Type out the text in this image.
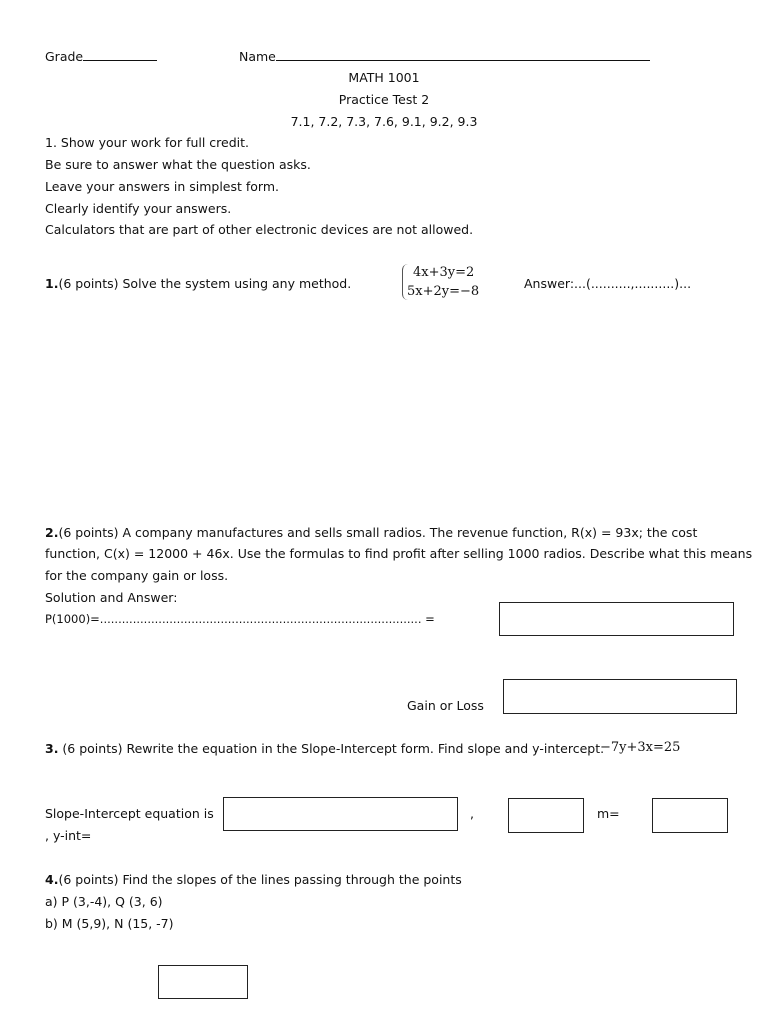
Grade	Name
MATH 1001
Practice Test 2
7.1, 7.2, 7.3, 7.6, 9.1, 9.2, 9.3
1. Show your work for full credit.
Be sure to answer what the question asks.
Leave your answers in simplest form.
Clearly identify your answers.
Calculators that are part of other electronic devices are not allowed.
1.(6 points) Solve the system using any method.
4x+3y=2
5x+2y=−8
Answer:...(..........,..........)...
2.(6 points) A company manufactures and sells small radios. The revenue function, R(x) = 93x; the cost
function, C(x) = 12000 + 46x. Use the formulas to find profit after selling 1000 radios. Describe what this means
for the company gain or loss.
Solution and Answer:
P(1000)=........................................................................................ =
Gain or Loss
3. (6 points) Rewrite the equation in the Slope-Intercept form. Find slope and y-intercept.
−7y+3x=25
Slope-Intercept equation is	,	m=
, y-int=
4.(6 points) Find the slopes of the lines passing through the points
a) P (3,-4), Q (3, 6)
b) M (5,9), N (15, -7)
